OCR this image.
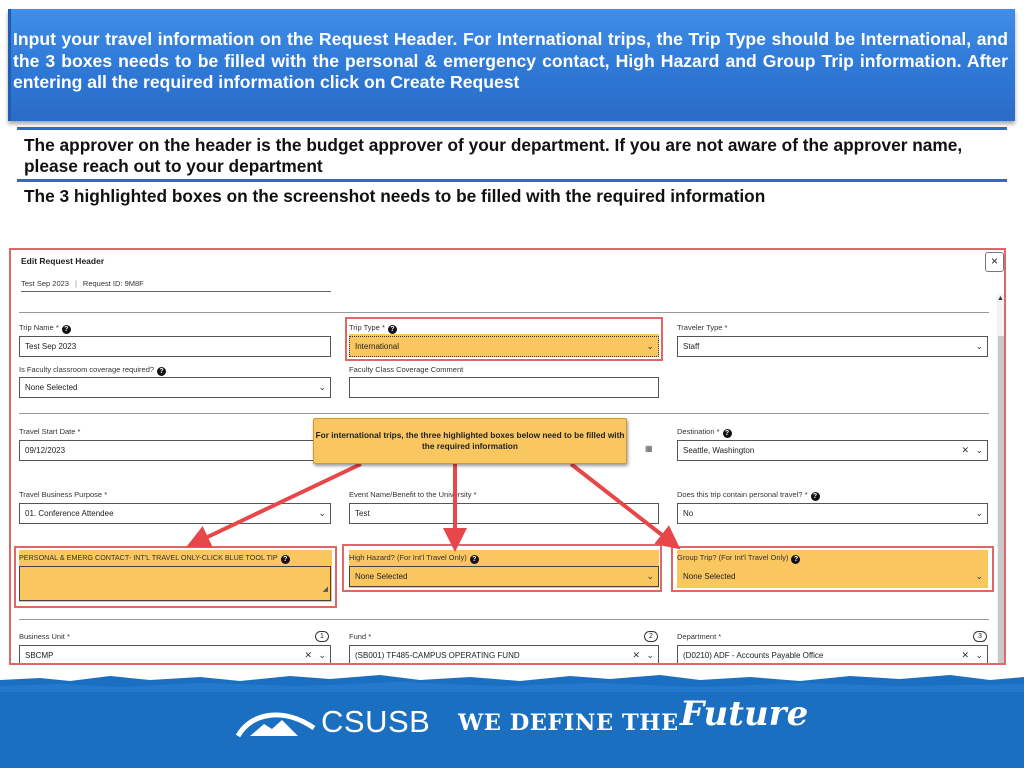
Input your travel information on the Request Header. For International trips, the Trip Type should be International, and the 3 boxes needs to be filled with the personal & emergency contact, High Hazard and Group Trip information. After entering all the required information click on Create Request
The approver on the header is the budget approver of your department. If you are not aware of the approver name, please reach out to your department
The 3 highlighted boxes on the screenshot needs to be filled with the required information
Edit Request Header
Test Sep 2023 | Request ID: 9M8F
×
▲
Trip Name * ?
Test Sep 2023
Trip Type * ?
International	⌄
Traveler Type *
Staff	⌄
Is Faculty classroom coverage required? ?
None Selected	⌄
Faculty Class Coverage Comment
Travel Start Date *
09/12/2023	▦
Destination * ?
Seattle, Washington	✕ ⌄
Travel Business Purpose *
01. Conference Attendee	⌄
Event Name/Benefit to the University *
Test
Does this trip contain personal travel? * ?
No	⌄
PERSONAL & EMERG CONTACT- INT'L TRAVEL ONLY-CLICK BLUE TOOL TIP ?
◢
High Hazard? (For Int'l Travel Only) ?
None Selected	⌄
Group Trip? (For Int'l Travel Only) ?
None Selected	⌄
Business Unit *	1
SBCMP	✕ ⌄
Fund *	2
(SB001) TF485-CAMPUS OPERATING FUND	✕ ⌄
Department *	3
(D0210) ADF - Accounts Payable Office	✕ ⌄
For international trips, the three highlighted boxes below need to be filled with the required information
CSUSB WE DEFINE THE Future
